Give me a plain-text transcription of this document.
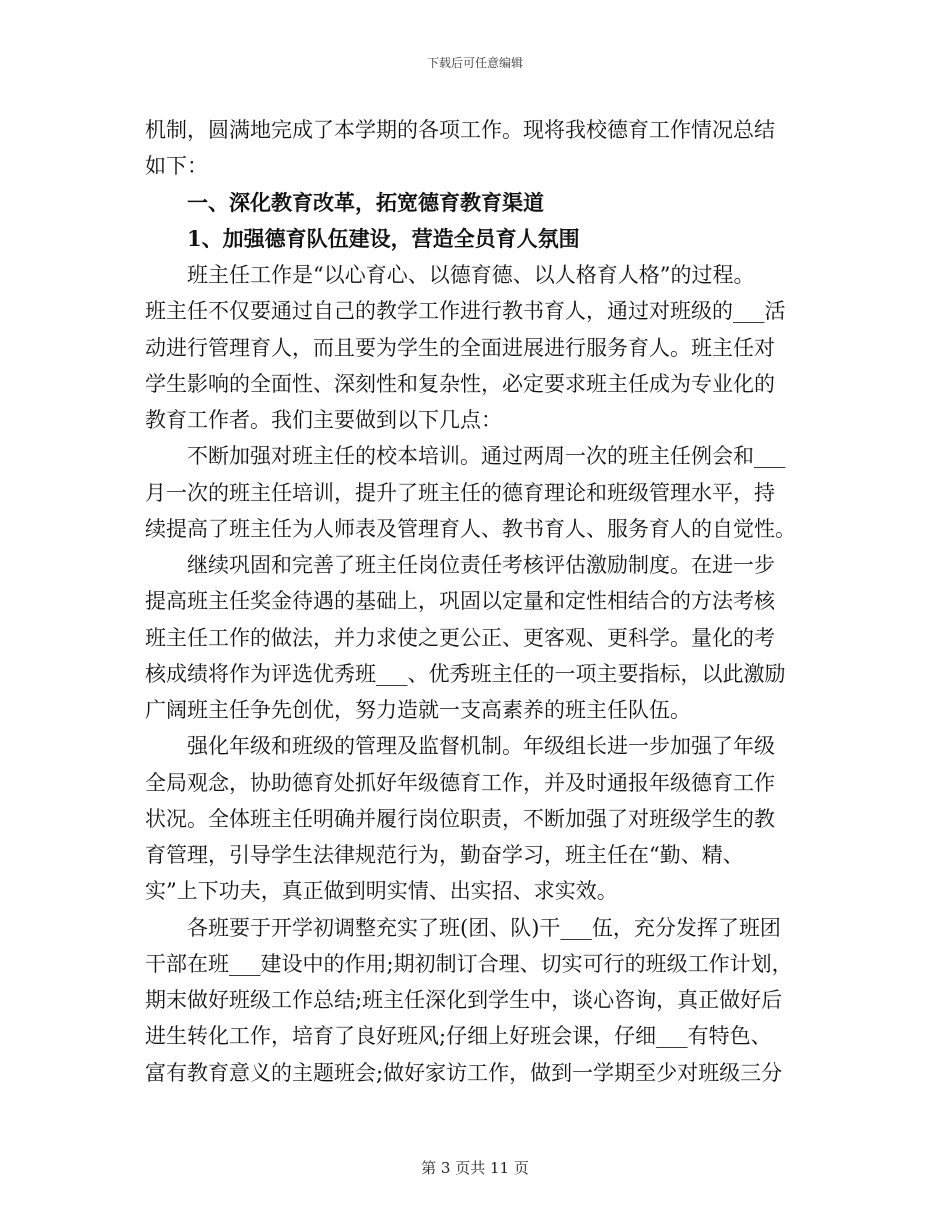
下载后可任意编辑
机制，圆满地完成了本学期的各项工作。现将我校德育工作情况总结
如下：
一、深化教育改革，拓宽德育教育渠道
1、加强德育队伍建设，营造全员育人氛围
班主任工作是“以心育心、以德育德、以人格育人格”的过程。
班主任不仅要通过自己的教学工作进行教书育人，通过对班级的___活
动进行管理育人，而且要为学生的全面进展进行服务育人。班主任对
学生影响的全面性、深刻性和复杂性，必定要求班主任成为专业化的
教育工作者。我们主要做到以下几点：
不断加强对班主任的校本培训。通过两周一次的班主任例会和___
月一次的班主任培训，提升了班主任的德育理论和班级管理水平，持
续提高了班主任为人师表及管理育人、教书育人、服务育人的自觉性。
继续巩固和完善了班主任岗位责任考核评估激励制度。在进一步
提高班主任奖金待遇的基础上，巩固以定量和定性相结合的方法考核
班主任工作的做法，并力求使之更公正、更客观、更科学。量化的考
核成绩将作为评选优秀班___、优秀班主任的一项主要指标，以此激励
广阔班主任争先创优，努力造就一支高素养的班主任队伍。
强化年级和班级的管理及监督机制。年级组长进一步加强了年级
全局观念，协助德育处抓好年级德育工作，并及时通报年级德育工作
状况。全体班主任明确并履行岗位职责，不断加强了对班级学生的教
育管理，引导学生法律规范行为，勤奋学习，班主任在“勤、精、
实”上下功夫，真正做到明实情、出实招、求实效。
各班要于开学初调整充实了班(团、队)干___伍，充分发挥了班团
干部在班___建设中的作用;期初制订合理、切实可行的班级工作计划，
期末做好班级工作总结;班主任深化到学生中，谈心咨询，真正做好后
进生转化工作，培育了良好班风;仔细上好班会课，仔细___有特色、
富有教育意义的主题班会;做好家访工作，做到一学期至少对班级三分
第 3 页共 11 页
